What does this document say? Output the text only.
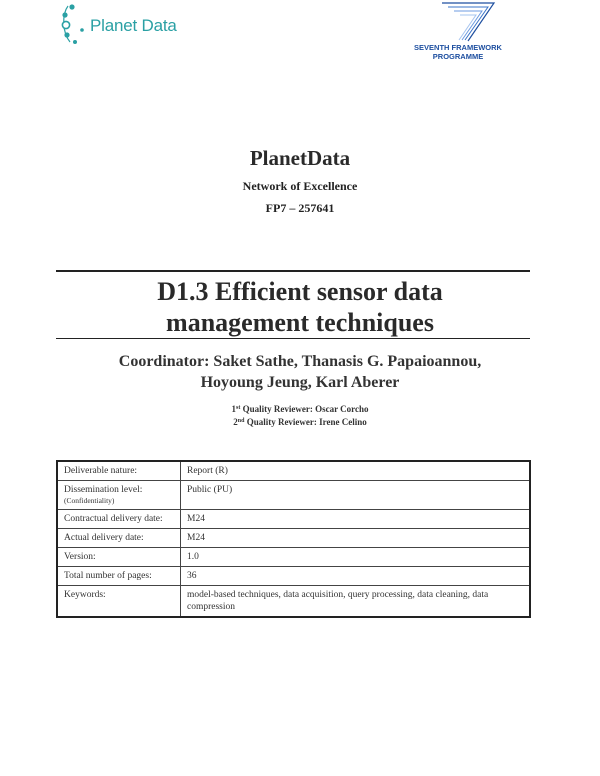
Planet Data
SEVENTH FRAMEWORK
PROGRAMME
PlanetData
Network of Excellence
FP7 – 257641
D1.3 Efficient sensor data
management techniques
Coordinator: Saket Sathe, Thanasis G. Papaioannou,
Hoyoung Jeung, Karl Aberer
1st Quality Reviewer: Oscar Corcho
2nd Quality Reviewer: Irene Celino
Deliverable nature:	Report (R)
Dissemination level:
(Confidentiality)	Public (PU)
Contractual delivery date:	M24
Actual delivery date:	M24
Version:	1.0
Total number of pages:	36
Keywords:	model-based techniques, data acquisition, query processing, data cleaning, data compression
